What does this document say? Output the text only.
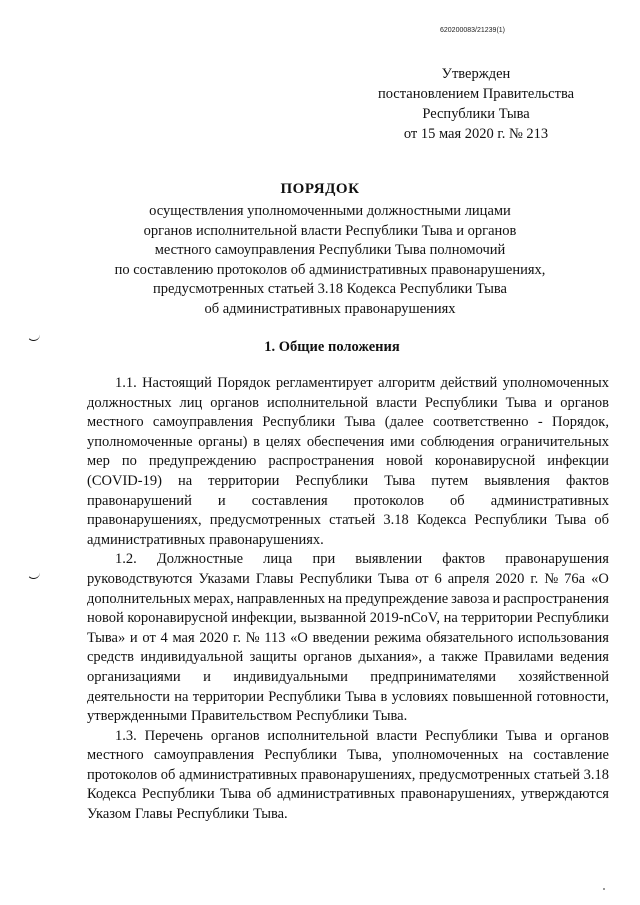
620200083/21239(1)
Утвержден
постановлением Правительства
Республики Тыва
от 15 мая 2020 г. № 213
ПОРЯДОК
осуществления уполномоченными должностными лицами
органов исполнительной власти Республики Тыва и органов
местного самоуправления Республики Тыва полномочий
по составлению протоколов об административных правонарушениях,
предусмотренных статьей 3.18 Кодекса Республики Тыва
об административных правонарушениях
1. Общие положения
1.1. Настоящий Порядок регламентирует алгоритм действий уполномоченных
должностных лиц органов исполнительной власти Республики Тыва и органов
местного самоуправления Республики Тыва (далее соответственно - Порядок,
уполномоченные органы) в целях обеспечения ими соблюдения ограничительных
мер по предупреждению распространения новой коронавирусной инфекции
(COVID-19) на территории Республики Тыва путем выявления фактов
правонарушений и составления протоколов об административных
правонарушениях, предусмотренных статьей 3.18 Кодекса Республики Тыва об
административных правонарушениях.
1.2. Должностные лица при выявлении фактов правонарушения
руководствуются Указами Главы Республики Тыва от 6 апреля 2020 г. № 76а «О
дополнительных мерах, направленных на предупреждение завоза и распространения
новой коронавирусной инфекции, вызванной 2019-nCoV, на территории Республики
Тыва» и от 4 мая 2020 г. № 113 «О введении режима обязательного использования
средств индивидуальной защиты органов дыхания», а также Правилами ведения
организациями и индивидуальными предпринимателями хозяйственной
деятельности на территории Республики Тыва в условиях повышенной готовности,
утвержденными Правительством Республики Тыва.
1.3. Перечень органов исполнительной власти Республики Тыва и органов
местного самоуправления Республики Тыва, уполномоченных на составление
протоколов об административных правонарушениях, предусмотренных статьей 3.18
Кодекса Республики Тыва об административных правонарушениях, утверждаются
Указом Главы Республики Тыва.
